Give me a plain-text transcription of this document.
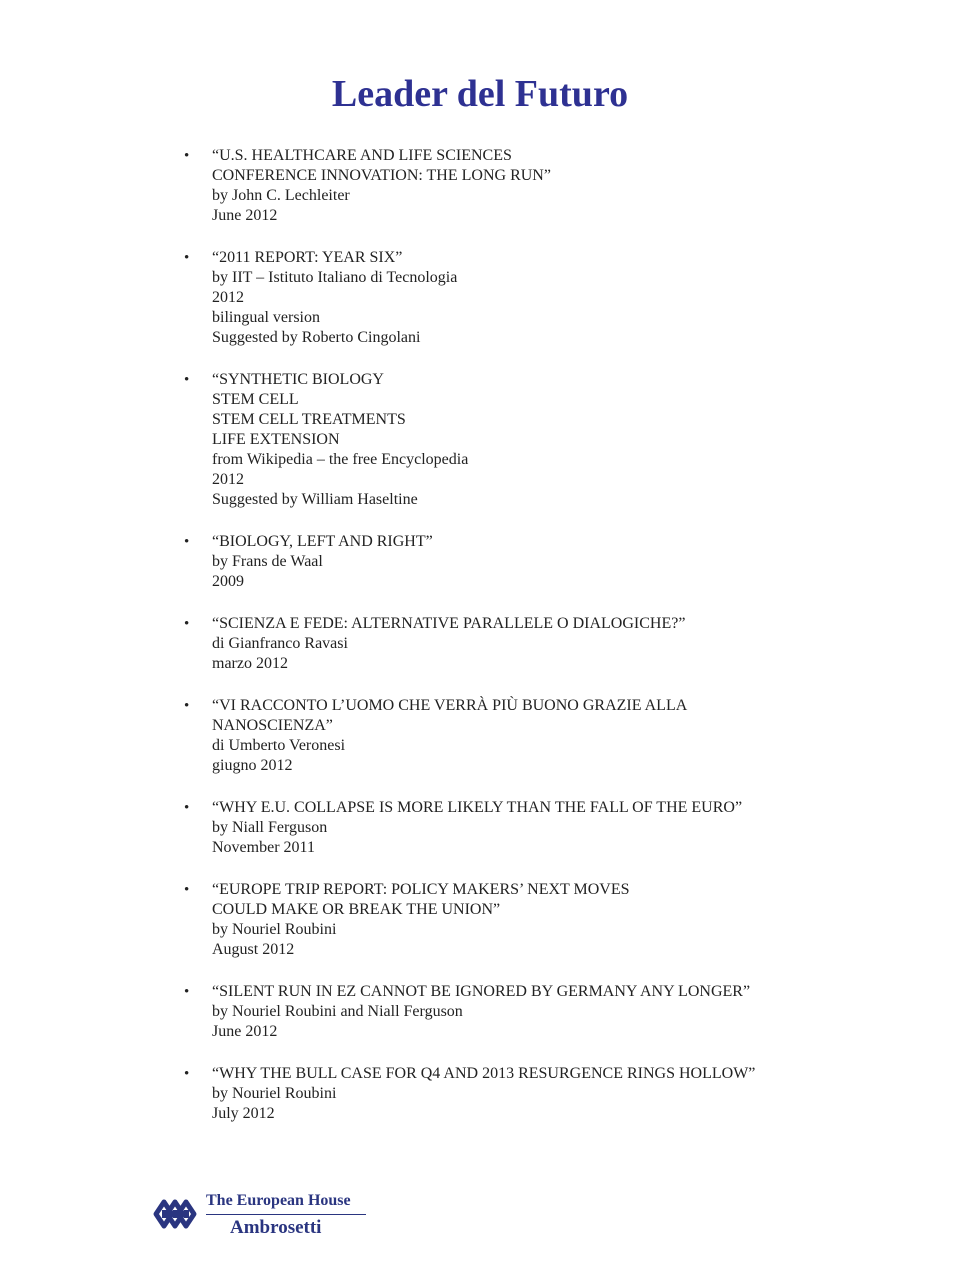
Leader del Futuro
• “U.S. HEALTHCARE AND LIFE SCIENCES
CONFERENCE INNOVATION: THE LONG RUN”
by John C. Lechleiter
June 2012
• “2011 REPORT: YEAR SIX”
by IIT – Istituto Italiano di Tecnologia
2012
bilingual version
Suggested by Roberto Cingolani
• “SYNTHETIC BIOLOGY
STEM CELL
STEM CELL TREATMENTS
LIFE EXTENSION
from Wikipedia – the free Encyclopedia
2012
Suggested by William Haseltine
• “BIOLOGY, LEFT AND RIGHT”
by Frans de Waal
2009
• “SCIENZA E FEDE: ALTERNATIVE PARALLELE O DIALOGICHE?”
di Gianfranco Ravasi
marzo 2012
• “VI RACCONTO L’UOMO CHE VERRÀ PIÙ BUONO GRAZIE ALLA
NANOSCIENZA”
di Umberto Veronesi
giugno 2012
• “WHY E.U. COLLAPSE IS MORE LIKELY THAN THE FALL OF THE EURO”
by Niall Ferguson
November 2011
• “EUROPE TRIP REPORT: POLICY MAKERS’ NEXT MOVES
COULD MAKE OR BREAK THE UNION”
by Nouriel Roubini
August 2012
• “SILENT RUN IN EZ CANNOT BE IGNORED BY GERMANY ANY LONGER”
by Nouriel Roubini and Niall Ferguson
June 2012
• “WHY THE BULL CASE FOR Q4 AND 2013 RESURGENCE RINGS HOLLOW”
by Nouriel Roubini
July 2012
The European House
Ambrosetti
